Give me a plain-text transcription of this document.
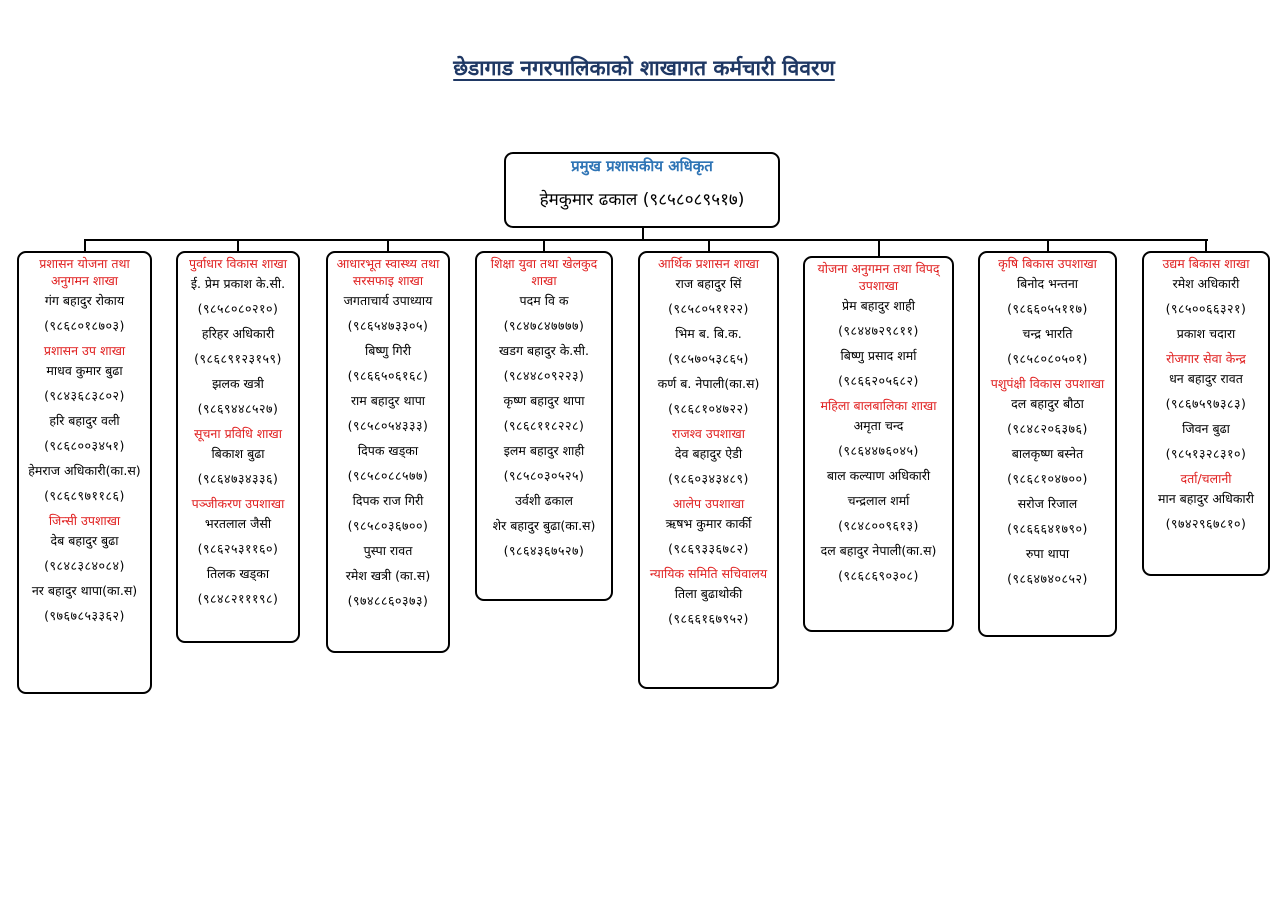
छेडागाड नगरपालिकाको शाखागत कर्मचारी विवरण
प्रमुख प्रशासकीय अधिकृत
हेमकुमार ढकाल (९८५८०८९५१७)
प्रशासन योजना तथा अनुगमन शाखा
गंग बहादुर रोकाय
(९८६८०१८७०३)
प्रशासन उप शाखा
माधव कुमार बुढा
(९८४३६८३८०२)
हरि बहादुर वली
(९८६८००३४५१)
हेमराज अधिकारी(का.स)
(९८६८९७११८६)
जिन्सी उपशाखा
देब बहादुर बुढा
(९८४८३८४०८४)
नर बहादुर थापा(का.स)
(९७६७८५३३६२)
पुर्वाधार विकास शाखा
ई. प्रेम प्रकाश के.सी.
(९८५८०८०२१०)
हरिहर अधिकारी
(९८६८९१२३१५९)
झलक खत्री
(९८६९४४८५२७)
सूचना प्रविधि शाखा
बिकाश बुढा
(९८६४७३४३३६)
पञ्जीकरण उपशाखा
भरतलाल जैसी
(९८६२५३११६०)
तिलक खड्का
(९८४८२१११९८)
आधारभूत स्वास्थ्य तथा सरसफाइ शाखा
जगताचार्य उपाध्याय
(९८६५४७३३०५)
बिष्णु गिरी
(९८६६५०६१६८)
राम बहादुर थापा
(९८५८०५४३३३)
दिपक खड्का
(९८५८०८८५७७)
दिपक राज गिरी
(९८५८०३६७००)
पुस्पा रावत
रमेश खत्री (का.स)
(९७४८८६०३७३)
शिक्षा युवा तथा खेलकुद शाखा
पदम वि क
(९८४७८४७७७७)
खडग बहादुर के.सी.
(९८४४८०९२२३)
कृष्ण बहादुर थापा
(९८६८११८२२८)
इलम बहादुर शाही
(९८५८०३०५२५)
उर्वशी ढकाल
शेर बहादुर बुढा(का.स)
(९८६४३६७५२७)
आर्थिक प्रशासन शाखा
राज बहादुर सिं
(९८५८०५११२२)
भिम ब. बि.क.
(९८५७०५३८६५)
कर्ण ब. नेपाली(का.स)
(९८६८१०४७२२)
राजश्व उपशाखा
देव बहादुर ऐडी
(९८६०३४३४८९)
आलेप उपशाखा
ऋषभ कुमार कार्की
(९८६९३३६७८२)
न्यायिक समिति सचिवालय
तिला बुढाथोकी
(९८६६१६७९५२)
योजना अनुगमन तथा विपद् उपशाखा
प्रेम बहादुर शाही
(९८४४७२९८११)
बिष्णु प्रसाद शर्मा
(९८६६२०५६८२)
महिला बालबालिका शाखा
अमृता चन्द
(९८६४४७६०४५)
बाल कल्याण अधिकारी
चन्द्रलाल शर्मा
(९८४८००९६१३)
दल बहादुर नेपाली(का.स)
(९८६८६९०३०८)
कृषि बिकास उपशाखा
बिनोद भन्तना
(९८६६०५५११७)
चन्द्र भारति
(९८५८०८०५०१)
पशुपंक्षी विकास उपशाखा
दल बहादुर बौठा
(९८४८२०६३७६)
बालकृष्ण बस्नेत
(९८६८१०४७००)
सरोज रिजाल
(९८६६६४१७९०)
रुपा थापा
(९८६४७४०८५२)
उद्यम बिकास शाखा
रमेश अधिकारी
(९८५००६६३२१)
प्रकाश चदारा
रोजगार सेवा केन्द्र
धन बहादुर रावत
(९८६७५९७३८३)
जिवन बुढा
(९८५१३२८३१०)
दर्ता/चलानी
मान बहादुर अधिकारी
(९७४२९६७८१०)
